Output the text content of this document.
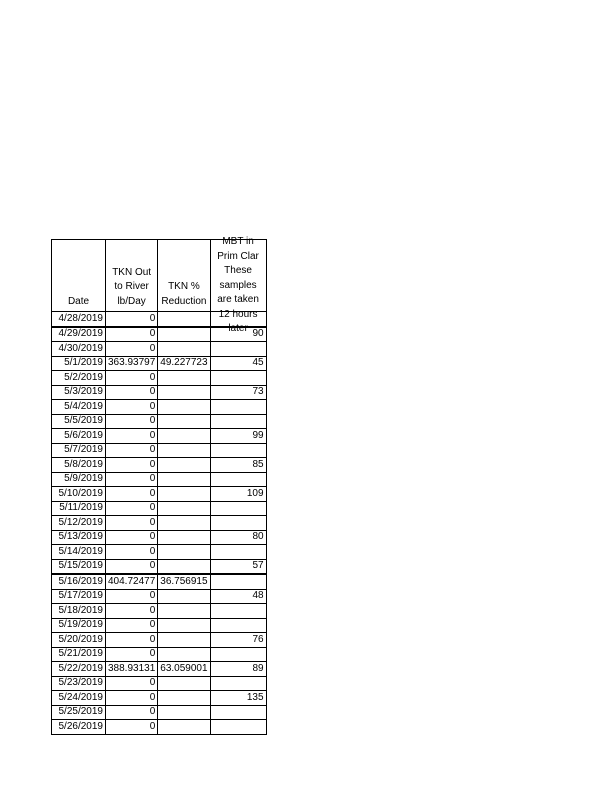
Date	TKN Out to River lb/Day	TKN % Reduction	MBT in Prim Clar These samples are taken 12 hours later

4/28/2019	0		
4/29/2019	0		90
4/30/2019	0		
5/1/2019	363.93797	49.227723	45
5/2/2019	0		
5/3/2019	0		73
5/4/2019	0		
5/5/2019	0		
5/6/2019	0		99
5/7/2019	0		
5/8/2019	0		85
5/9/2019	0		
5/10/2019	0		109
5/11/2019	0		
5/12/2019	0		
5/13/2019	0		80
5/14/2019	0		
5/15/2019	0		57
5/16/2019	404.72477	36.756915	
5/17/2019	0		48
5/18/2019	0		
5/19/2019	0		
5/20/2019	0		76
5/21/2019	0		
5/22/2019	388.93131	63.059001	89
5/23/2019	0		
5/24/2019	0		135
5/25/2019	0		
5/26/2019	0		
